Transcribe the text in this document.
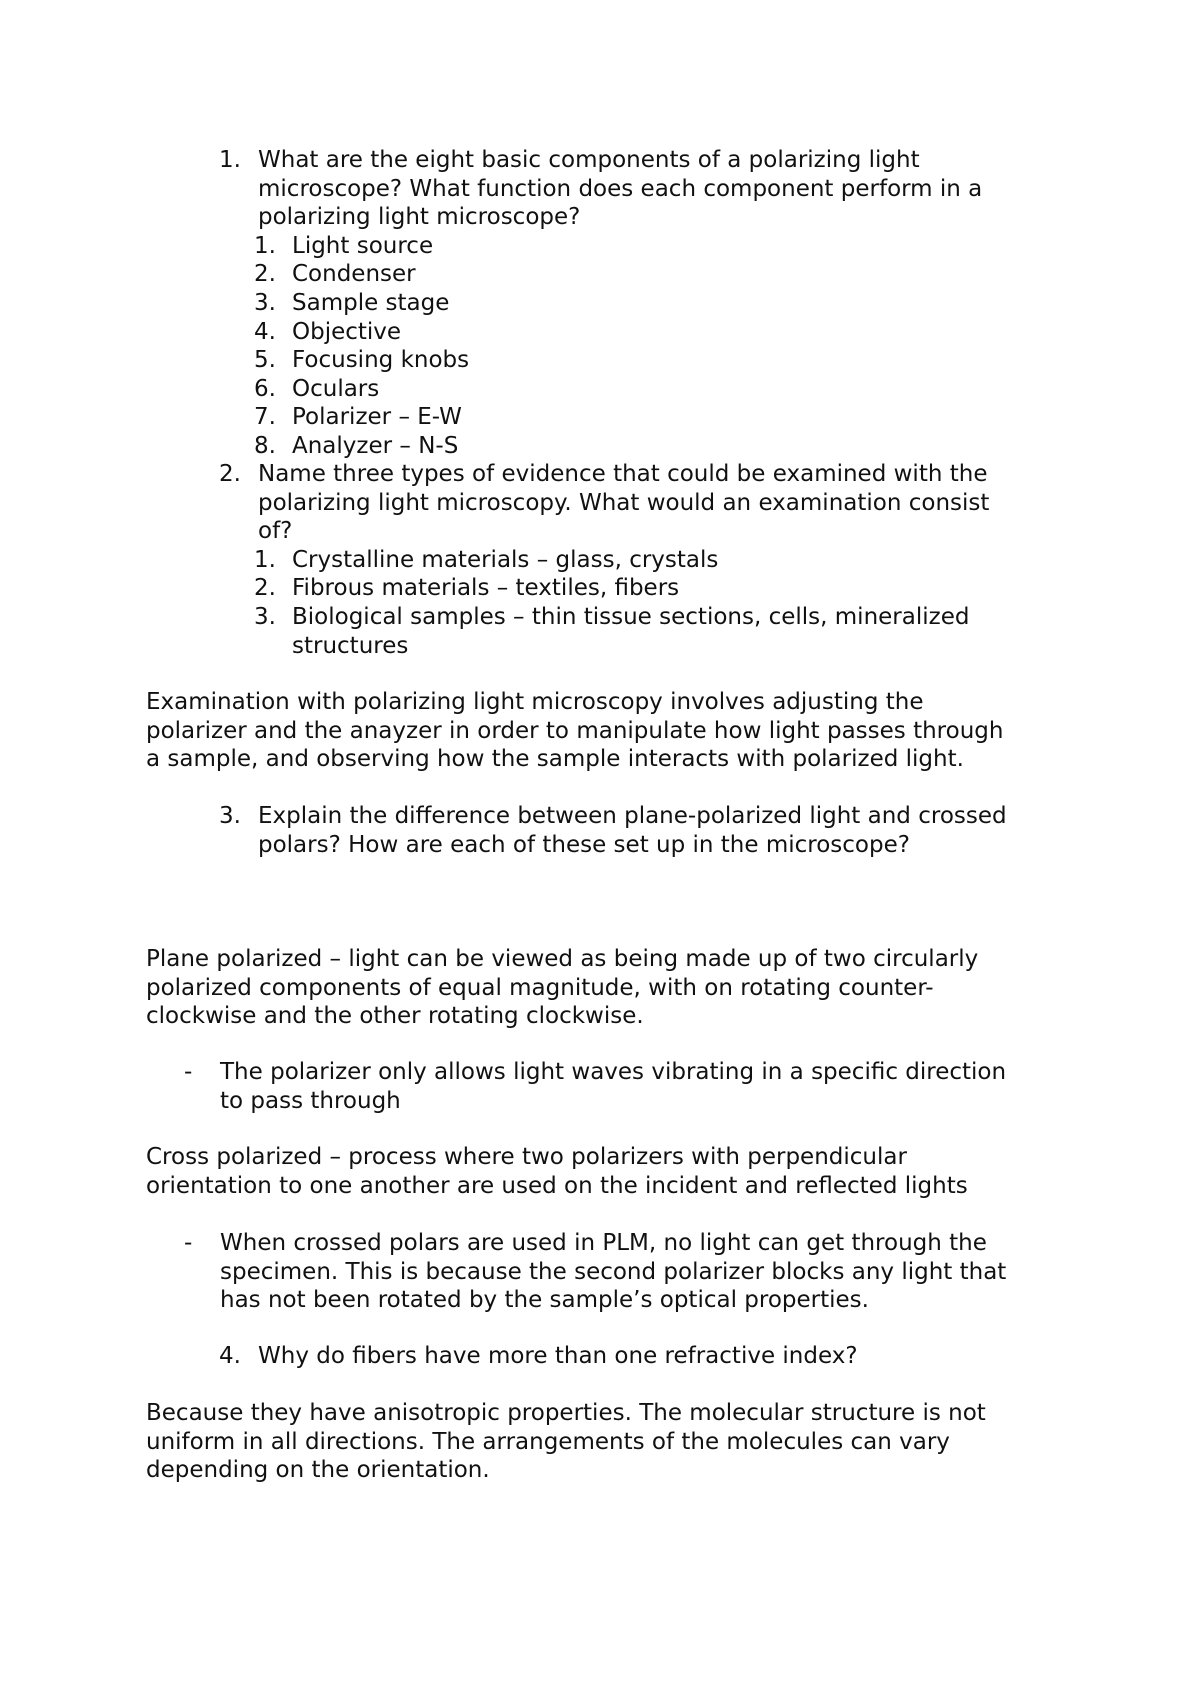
1. What are the eight basic components of a polarizing light
microscope? What function does each component perform in a
polarizing light microscope?
1. Light source
2. Condenser
3. Sample stage
4. Objective
5. Focusing knobs
6. Oculars
7. Polarizer – E-W
8. Analyzer – N-S
2. Name three types of evidence that could be examined with the
polarizing light microscopy. What would an examination consist
of?
1. Crystalline materials – glass, crystals
2. Fibrous materials – textiles, fibers
3. Biological samples – thin tissue sections, cells, mineralized
structures
Examination with polarizing light microscopy involves adjusting the
polarizer and the anayzer in order to manipulate how light passes through
a sample, and observing how the sample interacts with polarized light.
3. Explain the difference between plane-polarized light and crossed
polars? How are each of these set up in the microscope?
Plane polarized – light can be viewed as being made up of two circularly
polarized components of equal magnitude, with on rotating counter-
clockwise and the other rotating clockwise.
- The polarizer only allows light waves vibrating in a specific direction
to pass through
Cross polarized – process where two polarizers with perpendicular
orientation to one another are used on the incident and reflected lights
- When crossed polars are used in PLM, no light can get through the
specimen. This is because the second polarizer blocks any light that
has not been rotated by the sample’s optical properties.
4. Why do fibers have more than one refractive index?
Because they have anisotropic properties. The molecular structure is not
uniform in all directions. The arrangements of the molecules can vary
depending on the orientation.
